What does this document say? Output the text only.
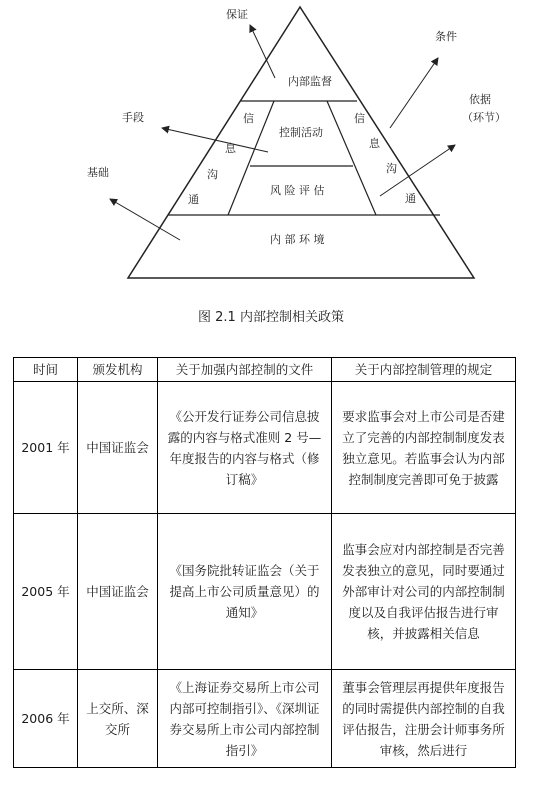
保证
条件
依据
（环节）
手段
基础
内部监督
控制活动
风 险 评 估
内 部 环 境
信
息
沟
通
信
息
沟
通
图 2.1 内部控制相关政策
时间	颁发机构	关于加强内部控制的文件	关于内部控制管理的规定
2001 年	中国证监会	《公开发行证券公司信息披露的内容与格式准则 2 号—年度报告的内容与格式（修订稿》	要求监事会对上市公司是否建立了完善的内部控制制度发表独立意见。若监事会认为内部控制制度完善即可免于披露
2005 年	中国证监会	《国务院批转证监会（关于提高上市公司质量意见）的通知》	监事会应对内部控制是否完善发表独立的意见，同时要通过外部审计对公司的内部控制制度以及自我评估报告进行审核，并披露相关信息
2006 年	上交所、深交所	《上海证券交易所上市公司内部可控制指引》、《深圳证券交易所上市公司内部控制指引》	董事会管理层再提供年度报告的同时需提供内部控制的自我评估报告，注册会计师事务所审核，然后进行
